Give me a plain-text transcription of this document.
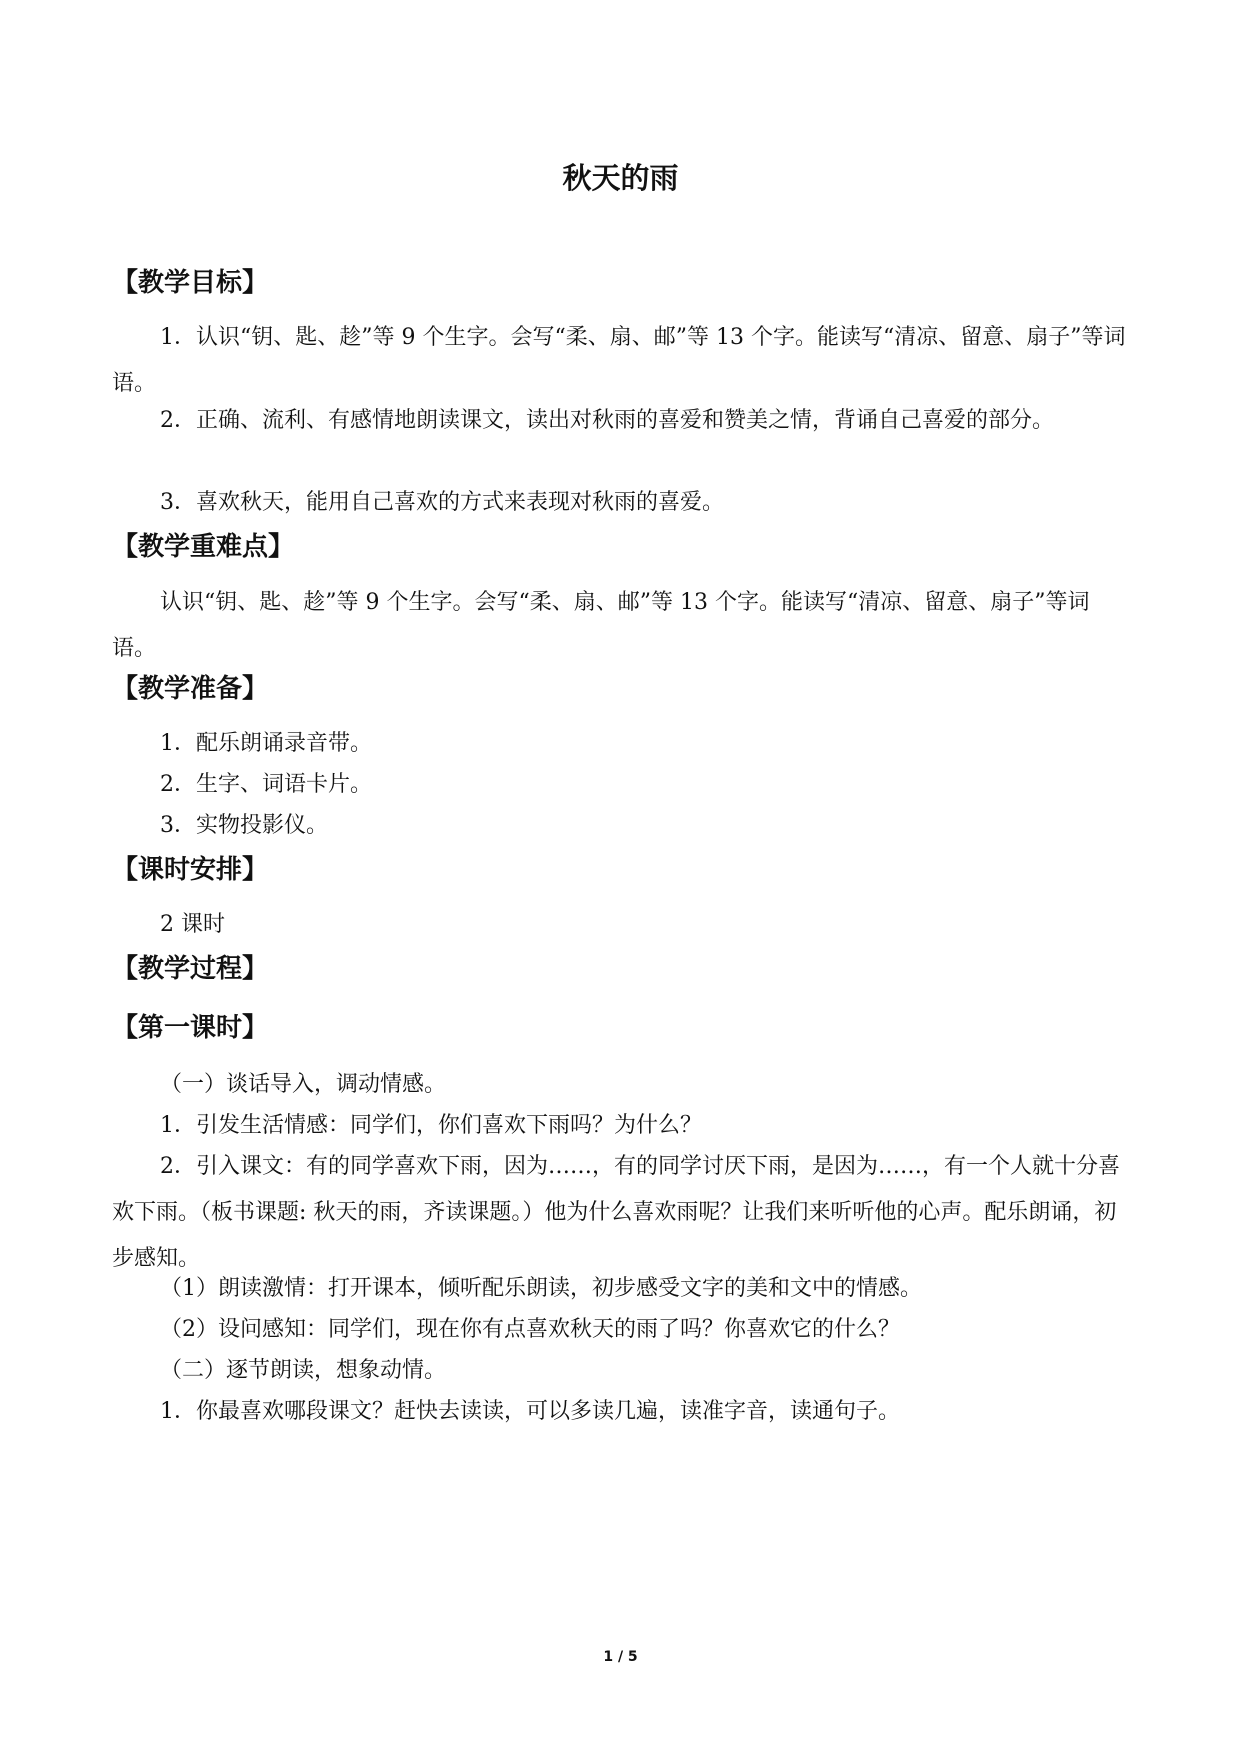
秋天的雨
【教学目标】
1．认识“钥、匙、趁”等 9 个生字。会写“柔、扇、邮”等 13 个字。能读写“清凉、留意、扇子”等词语。
2．正确、流利、有感情地朗读课文，读出对秋雨的喜爱和赞美之情，背诵自己喜爱的部分。
3．喜欢秋天，能用自己喜欢的方式来表现对秋雨的喜爱。
【教学重难点】
认识“钥、匙、趁”等 9 个生字。会写“柔、扇、邮”等 13 个字。能读写“清凉、留意、扇子”等词语。
【教学准备】
1．配乐朗诵录音带。
2．生字、词语卡片。
3．实物投影仪。
【课时安排】
2 课时
【教学过程】
【第一课时】
（一）谈话导入，调动情感。
1．引发生活情感：同学们，你们喜欢下雨吗？为什么？
2．引入课文：有的同学喜欢下雨，因为……，有的同学讨厌下雨，是因为……，有一个人就十分喜欢下雨。（板书课题: 秋天的雨，齐读课题。）他为什么喜欢雨呢？让我们来听听他的心声。配乐朗诵，初步感知。
（1）朗读激情：打开课本，倾听配乐朗读，初步感受文字的美和文中的情感。
（2）设问感知：同学们，现在你有点喜欢秋天的雨了吗？你喜欢它的什么？
（二）逐节朗读，想象动情。
1．你最喜欢哪段课文？赶快去读读，可以多读几遍，读准字音，读通句子。
1 / 5
